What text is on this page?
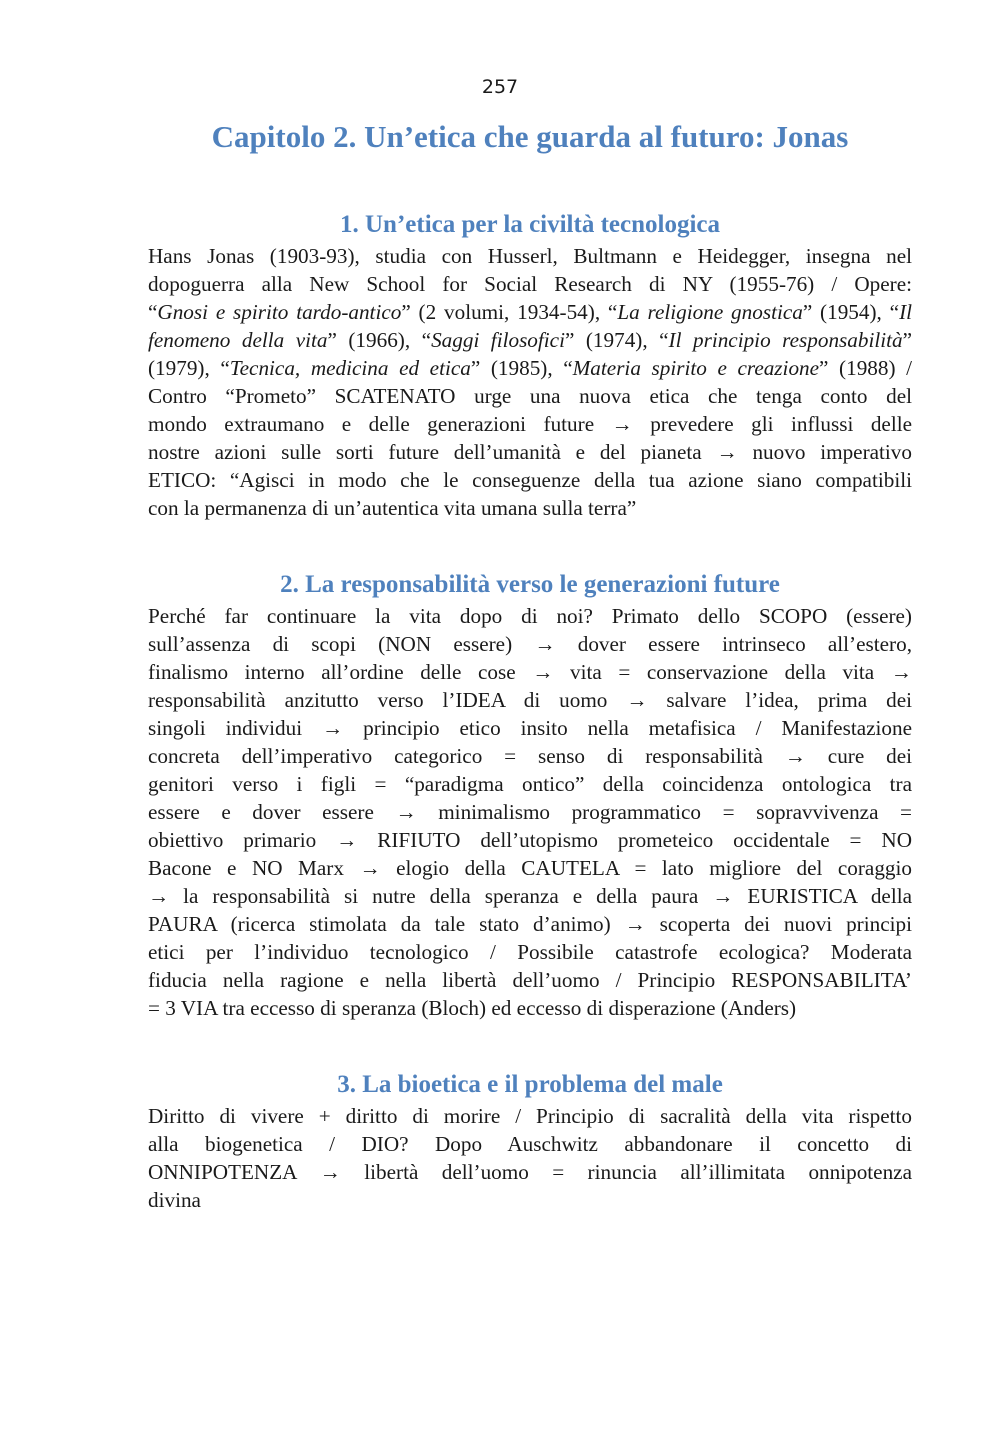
257
Capitolo 2. Un’etica che guarda al futuro: Jonas
1. Un’etica per la civiltà tecnologica
Hans Jonas (1903-93), studia con Husserl, Bultmann e Heidegger, insegna nel
dopoguerra alla New School for Social Research di NY (1955-76) / Opere:
“Gnosi e spirito tardo-antico” (2 volumi, 1934-54), “La religione gnostica” (1954), “Il
fenomeno della vita” (1966), “Saggi filosofici” (1974), “Il principio responsabilità”
(1979), “Tecnica, medicina ed etica” (1985), “Materia spirito e creazione” (1988) /
Contro “Prometo” SCATENATO urge una nuova etica che tenga conto del
mondo extraumano e delle generazioni future → prevedere gli influssi delle
nostre azioni sulle sorti future dell’umanità e del pianeta → nuovo imperativo
ETICO: “Agisci in modo che le conseguenze della tua azione siano compatibili
con la permanenza di un’autentica vita umana sulla terra”
2. La responsabilità verso le generazioni future
Perché far continuare la vita dopo di noi? Primato dello SCOPO (essere)
sull’assenza di scopi (NON essere) → dover essere intrinseco all’estero,
finalismo interno all’ordine delle cose → vita = conservazione della vita →
responsabilità anzitutto verso l’IDEA di uomo → salvare l’idea, prima dei
singoli individui → principio etico insito nella metafisica / Manifestazione
concreta dell’imperativo categorico = senso di responsabilità → cure dei
genitori verso i figli = “paradigma ontico” della coincidenza ontologica tra
essere e dover essere → minimalismo programmatico = sopravvivenza =
obiettivo primario → RIFIUTO dell’utopismo prometeico occidentale = NO
Bacone e NO Marx → elogio della CAUTELA = lato migliore del coraggio
→ la responsabilità si nutre della speranza e della paura → EURISTICA della
PAURA (ricerca stimolata da tale stato d’animo) → scoperta dei nuovi principi
etici per l’individuo tecnologico / Possibile catastrofe ecologica? Moderata
fiducia nella ragione e nella libertà dell’uomo / Principio RESPONSABILITA’
= 3 VIA tra eccesso di speranza (Bloch) ed eccesso di disperazione (Anders)
3. La bioetica e il problema del male
Diritto di vivere + diritto di morire / Principio di sacralità della vita rispetto
alla biogenetica / DIO? Dopo Auschwitz abbandonare il concetto di
ONNIPOTENZA → libertà dell’uomo = rinuncia all’illimitata onnipotenza
divina
